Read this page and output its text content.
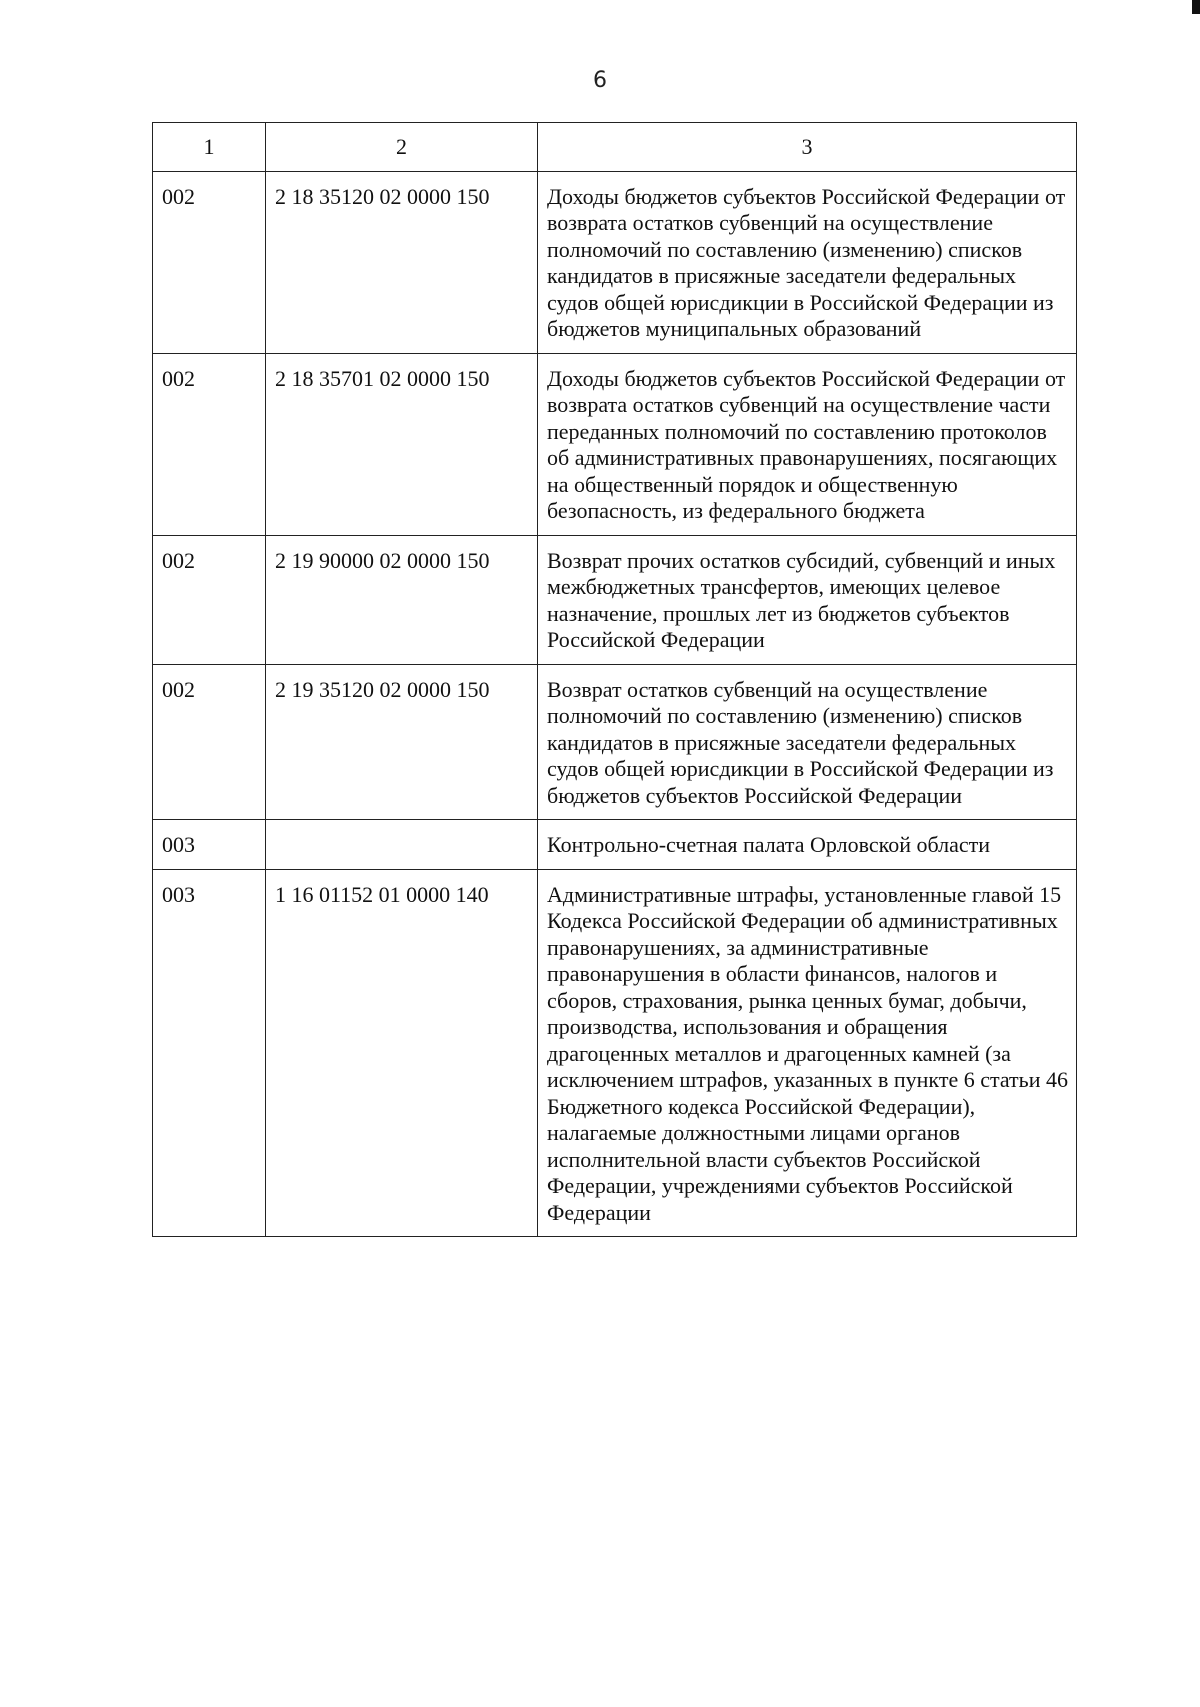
6
1	2	3
002	2 18 35120 02 0000 150	Доходы бюджетов субъектов Российской Федерации от возврата остатков субвенций на осуществление полномочий по составлению (изменению) списков кандидатов в присяжные заседатели федеральных судов общей юрисдикции в Российской Федерации из бюджетов муниципальных образований
002	2 18 35701 02 0000 150	Доходы бюджетов субъектов Российской Федерации от возврата остатков субвенций на осуществление части переданных полномочий по составлению протоколов об административных правонарушениях, посягающих на общественный порядок и общественную безопасность, из федерального бюджета
002	2 19 90000 02 0000 150	Возврат прочих остатков субсидий, субвенций и иных межбюджетных трансфертов, имеющих целевое назначение, прошлых лет из бюджетов субъектов Российской Федерации
002	2 19 35120 02 0000 150	Возврат остатков субвенций на осуществление полномочий по составлению (изменению) списков кандидатов в присяжные заседатели федеральных судов общей юрисдикции в Российской Федерации из бюджетов субъектов Российской Федерации
003		Контрольно-счетная палата Орловской области
003	1 16 01152 01 0000 140	Административные штрафы, установленные главой 15 Кодекса Российской Федерации об административных правонарушениях, за административные правонарушения в области финансов, налогов и сборов, страхования, рынка ценных бумаг, добычи, производства, использования и обращения драгоценных металлов и драгоценных камней (за исключением штрафов, указанных в пункте 6 статьи 46 Бюджетного кодекса Российской Федерации), налагаемые должностными лицами органов исполнительной власти субъектов Российской Федерации, учреждениями субъектов Российской Федерации
